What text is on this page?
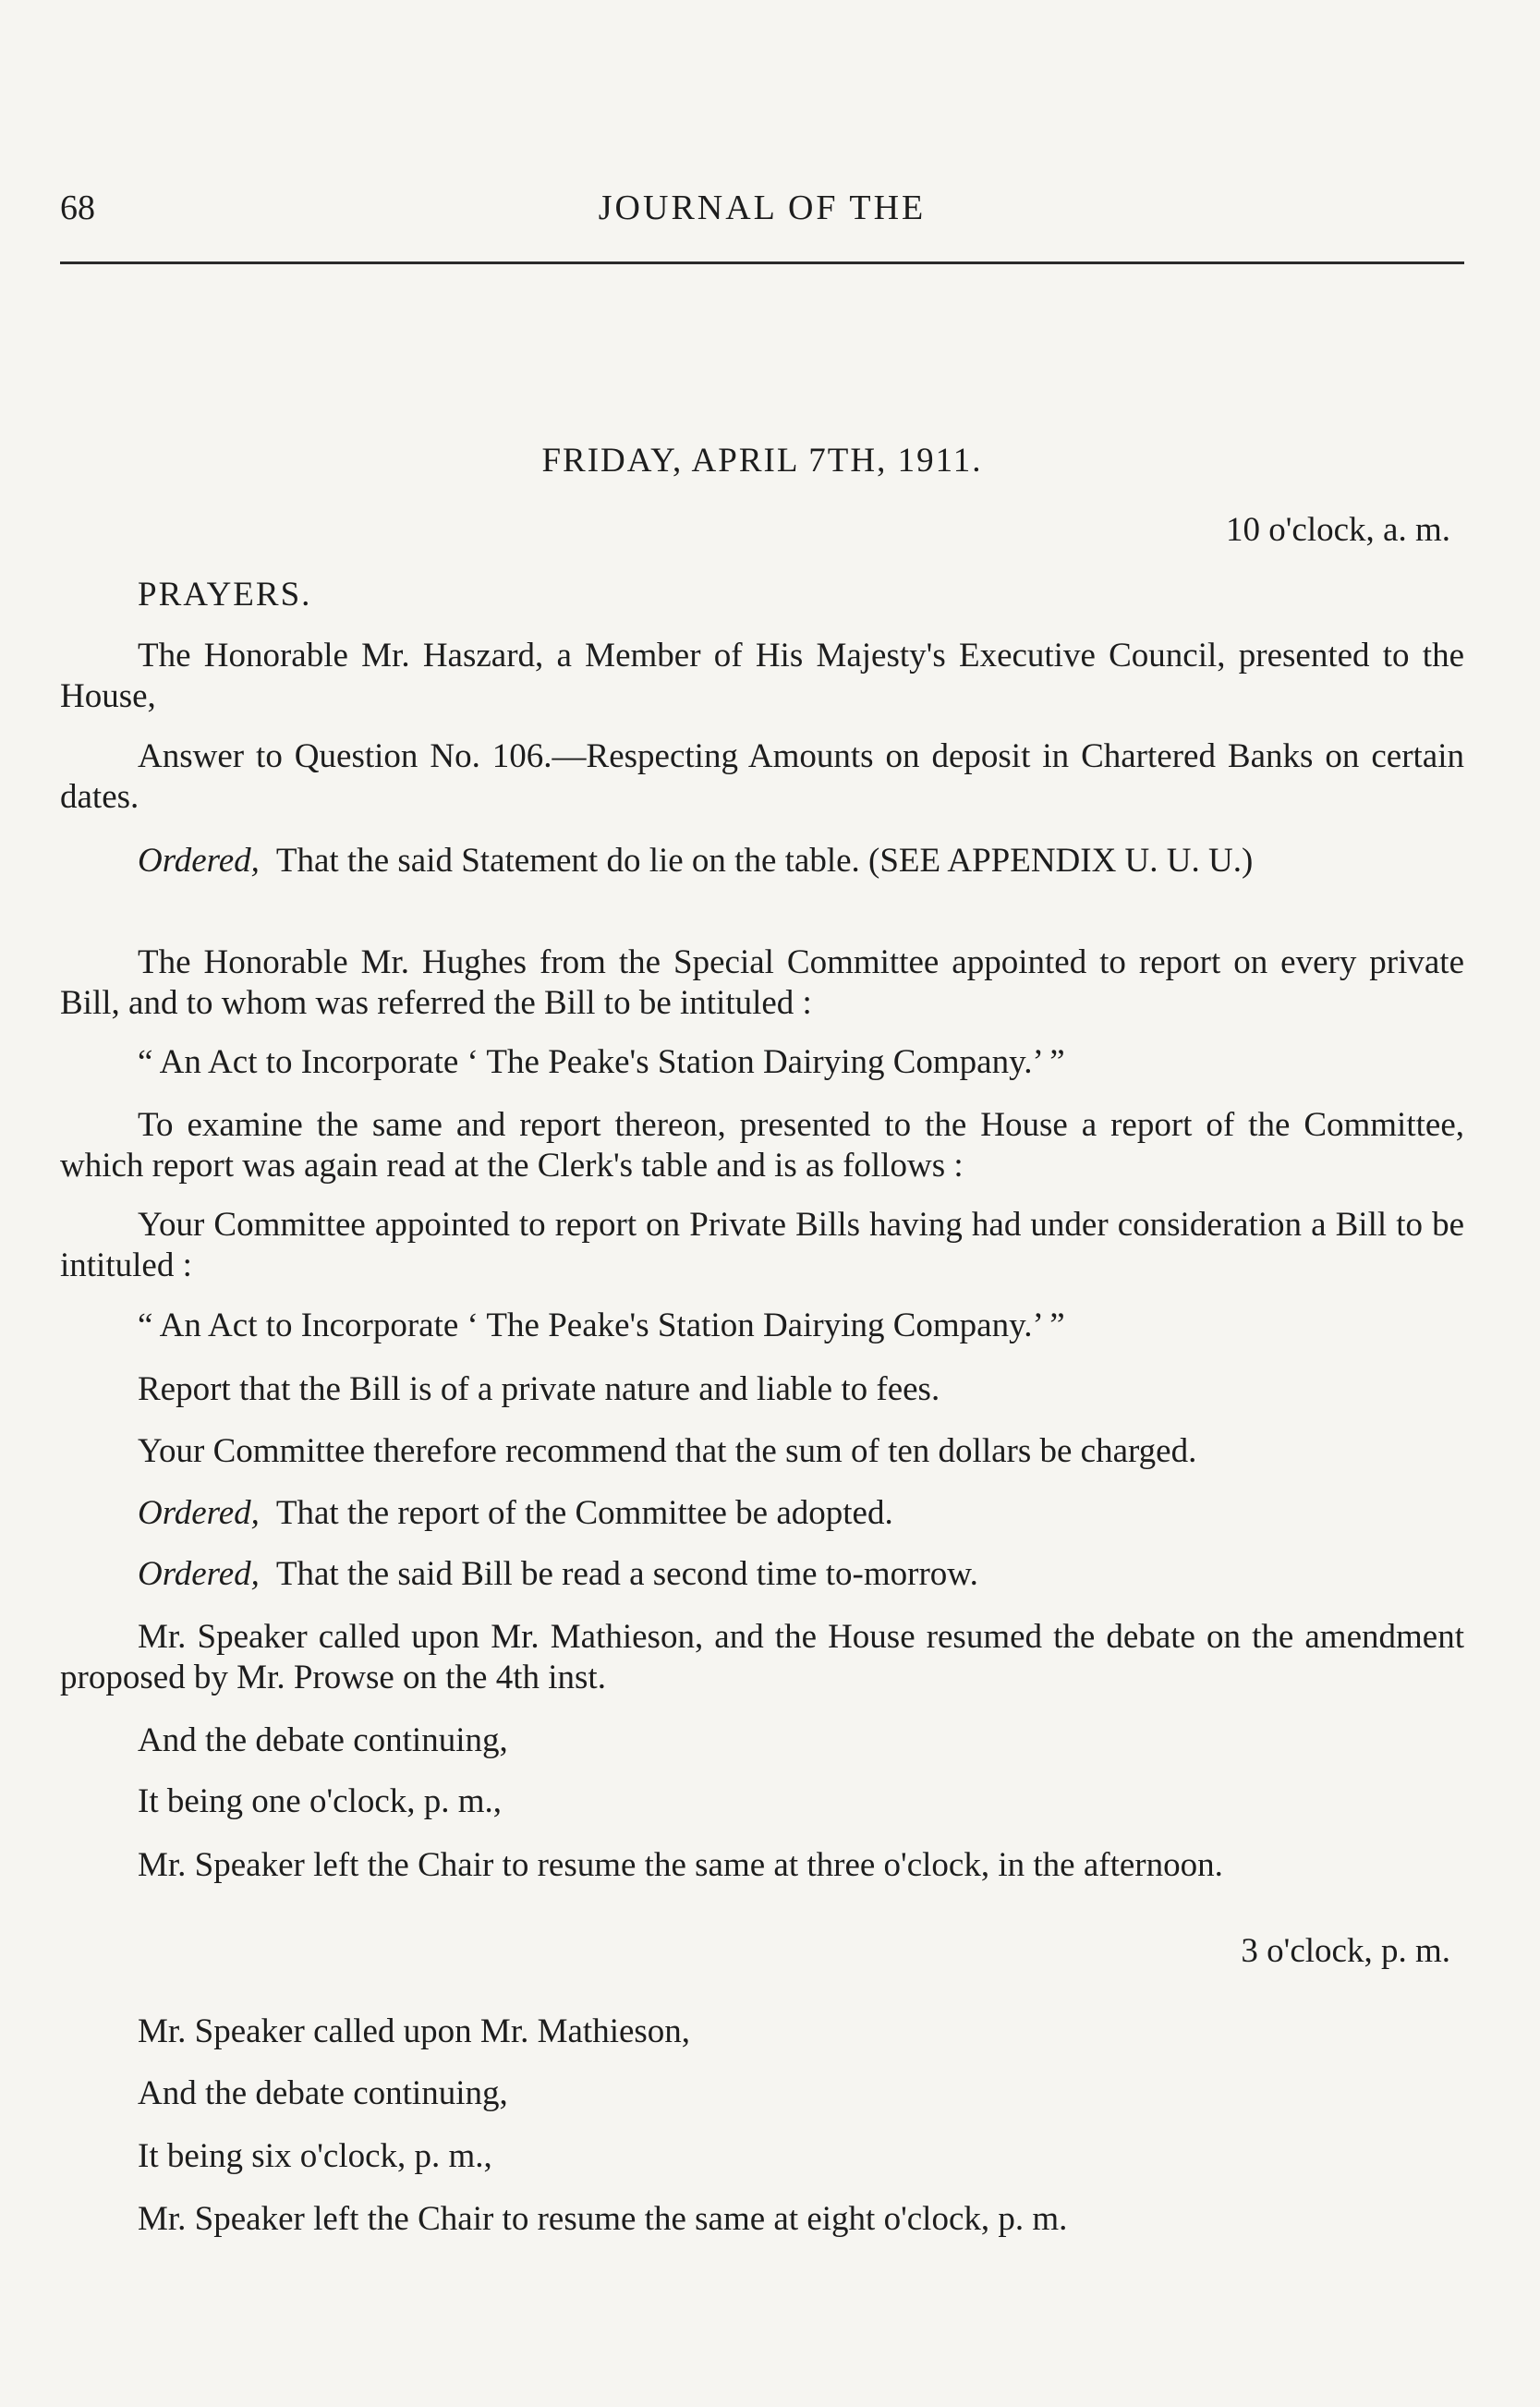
68	JOURNAL OF THE
FRIDAY, APRIL 7TH, 1911.
10 o'clock, a. m.
PRAYERS.
The Honorable Mr. Haszard, a Member of His Majesty's Executive Council, presented to the House,
Answer to Question No. 106.—Respecting Amounts on deposit in Chartered Banks on certain dates.
Ordered, That the said Statement do lie on the table. (SEE APPENDIX U. U. U.)
The Honorable Mr. Hughes from the Special Committee appointed to report on every private Bill, and to whom was referred the Bill to be intituled :
“ An Act to Incorporate ‘ The Peake's Station Dairying Company.’ ”
To examine the same and report thereon, presented to the House a report of the Committee, which report was again read at the Clerk's table and is as follows :
Your Committee appointed to report on Private Bills having had under consideration a Bill to be intituled :
“ An Act to Incorporate ‘ The Peake's Station Dairying Company.’ ”
Report that the Bill is of a private nature and liable to fees.
Your Committee therefore recommend that the sum of ten dollars be charged.
Ordered, That the report of the Committee be adopted.
Ordered, That the said Bill be read a second time to-morrow.
Mr. Speaker called upon Mr. Mathieson, and the House resumed the debate on the amendment proposed by Mr. Prowse on the 4th inst.
And the debate continuing,
It being one o'clock, p. m.,
Mr. Speaker left the Chair to resume the same at three o'clock, in the afternoon.
3 o'clock, p. m.
Mr. Speaker called upon Mr. Mathieson,
And the debate continuing,
It being six o'clock, p. m.,
Mr. Speaker left the Chair to resume the same at eight o'clock, p. m.
